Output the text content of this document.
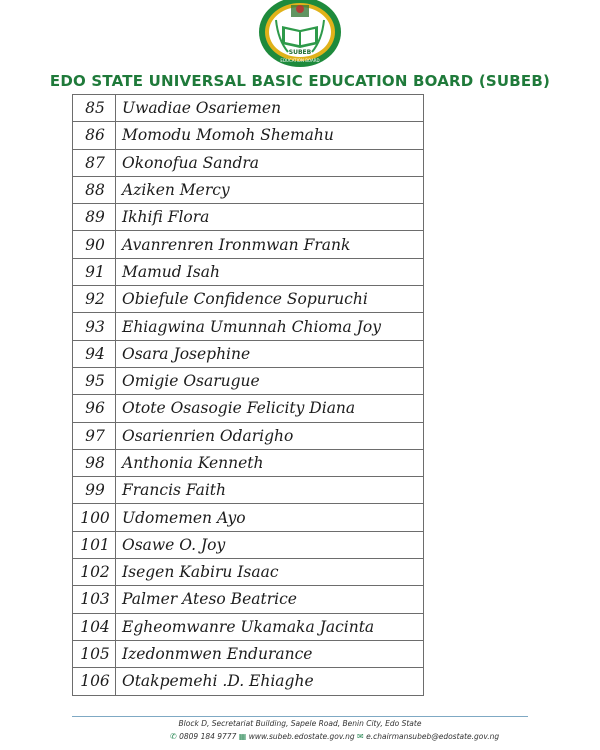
SUBEB
EDUCATION BOARD
EDO STATE UNIVERSAL BASIC EDUCATION BOARD (SUBEB)
85	Uwadiae Osariemen
86	Momodu Momoh Shemahu
87	Okonofua Sandra
88	Aziken Mercy
89	Ikhifi Flora
90	Avanrenren Ironmwan Frank
91	Mamud Isah
92	Obiefule Confidence Sopuruchi
93	Ehiagwina Umunnah Chioma Joy
94	Osara Josephine
95	Omigie Osarugue
96	Otote Osasogie Felicity Diana
97	Osarienrien Odarigho
98	Anthonia Kenneth
99	Francis Faith
100	Udomemen Ayo
101	Osawe O. Joy
102	Isegen Kabiru Isaac
103	Palmer Ateso Beatrice
104	Egheomwanre Ukamaka Jacinta
105	Izedonmwen Endurance
106	Otakpemehi .D. Ehiaghe
Block D, Secretariat Building, Sapele Road, Benin City, Edo State
✆ 0809 184 9777 ▦ www.subeb.edostate.gov.ng ✉ e.chairmansubeb@edostate.gov.ng
